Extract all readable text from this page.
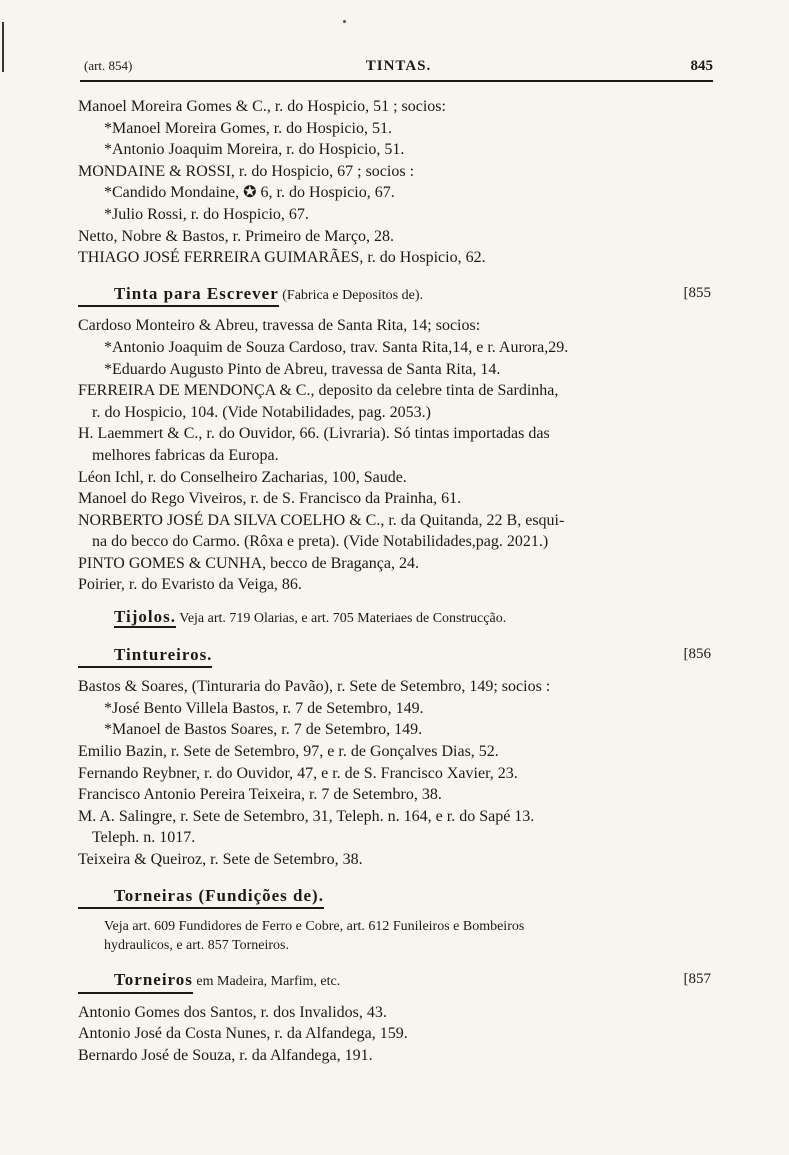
(art. 854)	TINTAS.	845
Manoel Moreira Gomes & C., r. do Hospicio, 51 ; socios:
*Manoel Moreira Gomes, r. do Hospicio, 51.
*Antonio Joaquim Moreira, r. do Hospicio, 51.
MONDAINE & ROSSI, r. do Hospicio, 67 ; socios :
*Candido Mondaine, ✪ 6, r. do Hospicio, 67.
*Julio Rossi, r. do Hospicio, 67.
Netto, Nobre & Bastos, r. Primeiro de Março, 28.
THIAGO JOSÉ FERREIRA GUIMARÃES, r. do Hospicio, 62.
Tinta para Escrever (Fabrica e Depositos de).	[855
Cardoso Monteiro & Abreu, travessa de Santa Rita, 14; socios:
*Antonio Joaquim de Souza Cardoso, trav. Santa Rita,14, e r. Aurora,29.
*Eduardo Augusto Pinto de Abreu, travessa de Santa Rita, 14.
FERREIRA DE MENDONÇA & C., deposito da celebre tinta de Sardinha,
r. do Hospicio, 104. (Vide Notabilidades, pag. 2053.)
H. Laemmert & C., r. do Ouvidor, 66. (Livraria). Só tintas importadas das
melhores fabricas da Europa.
Léon Ichl, r. do Conselheiro Zacharias, 100, Saude.
Manoel do Rego Viveiros, r. de S. Francisco da Prainha, 61.
NORBERTO JOSÉ DA SILVA COELHO & C., r. da Quitanda, 22 B, esqui-
na do becco do Carmo. (Rôxa e preta). (Vide Notabilidades,pag. 2021.)
PINTO GOMES & CUNHA, becco de Bragança, 24.
Poirier, r. do Evaristo da Veiga, 86.
Tijolos. Veja art. 719 Olarias, e art. 705 Materiaes de Construcção.
Tintureiros.	[856
Bastos & Soares, (Tinturaria do Pavão), r. Sete de Setembro, 149; socios :
*José Bento Villela Bastos, r. 7 de Setembro, 149.
*Manoel de Bastos Soares, r. 7 de Setembro, 149.
Emilio Bazin, r. Sete de Setembro, 97, e r. de Gonçalves Dias, 52.
Fernando Reybner, r. do Ouvidor, 47, e r. de S. Francisco Xavier, 23.
Francisco Antonio Pereira Teixeira, r. 7 de Setembro, 38.
M. A. Salingre, r. Sete de Setembro, 31, Teleph. n. 164, e r. do Sapé 13.
Teleph. n. 1017.
Teixeira & Queiroz, r. Sete de Setembro, 38.
Torneiras (Fundições de).
Veja art. 609 Fundidores de Ferro e Cobre, art. 612 Funileiros e Bombeiros
hydraulicos, e art. 857 Torneiros.
Torneiros em Madeira, Marfim, etc.	[857
Antonio Gomes dos Santos, r. dos Invalidos, 43.
Antonio José da Costa Nunes, r. da Alfandega, 159.
Bernardo José de Souza, r. da Alfandega, 191.
